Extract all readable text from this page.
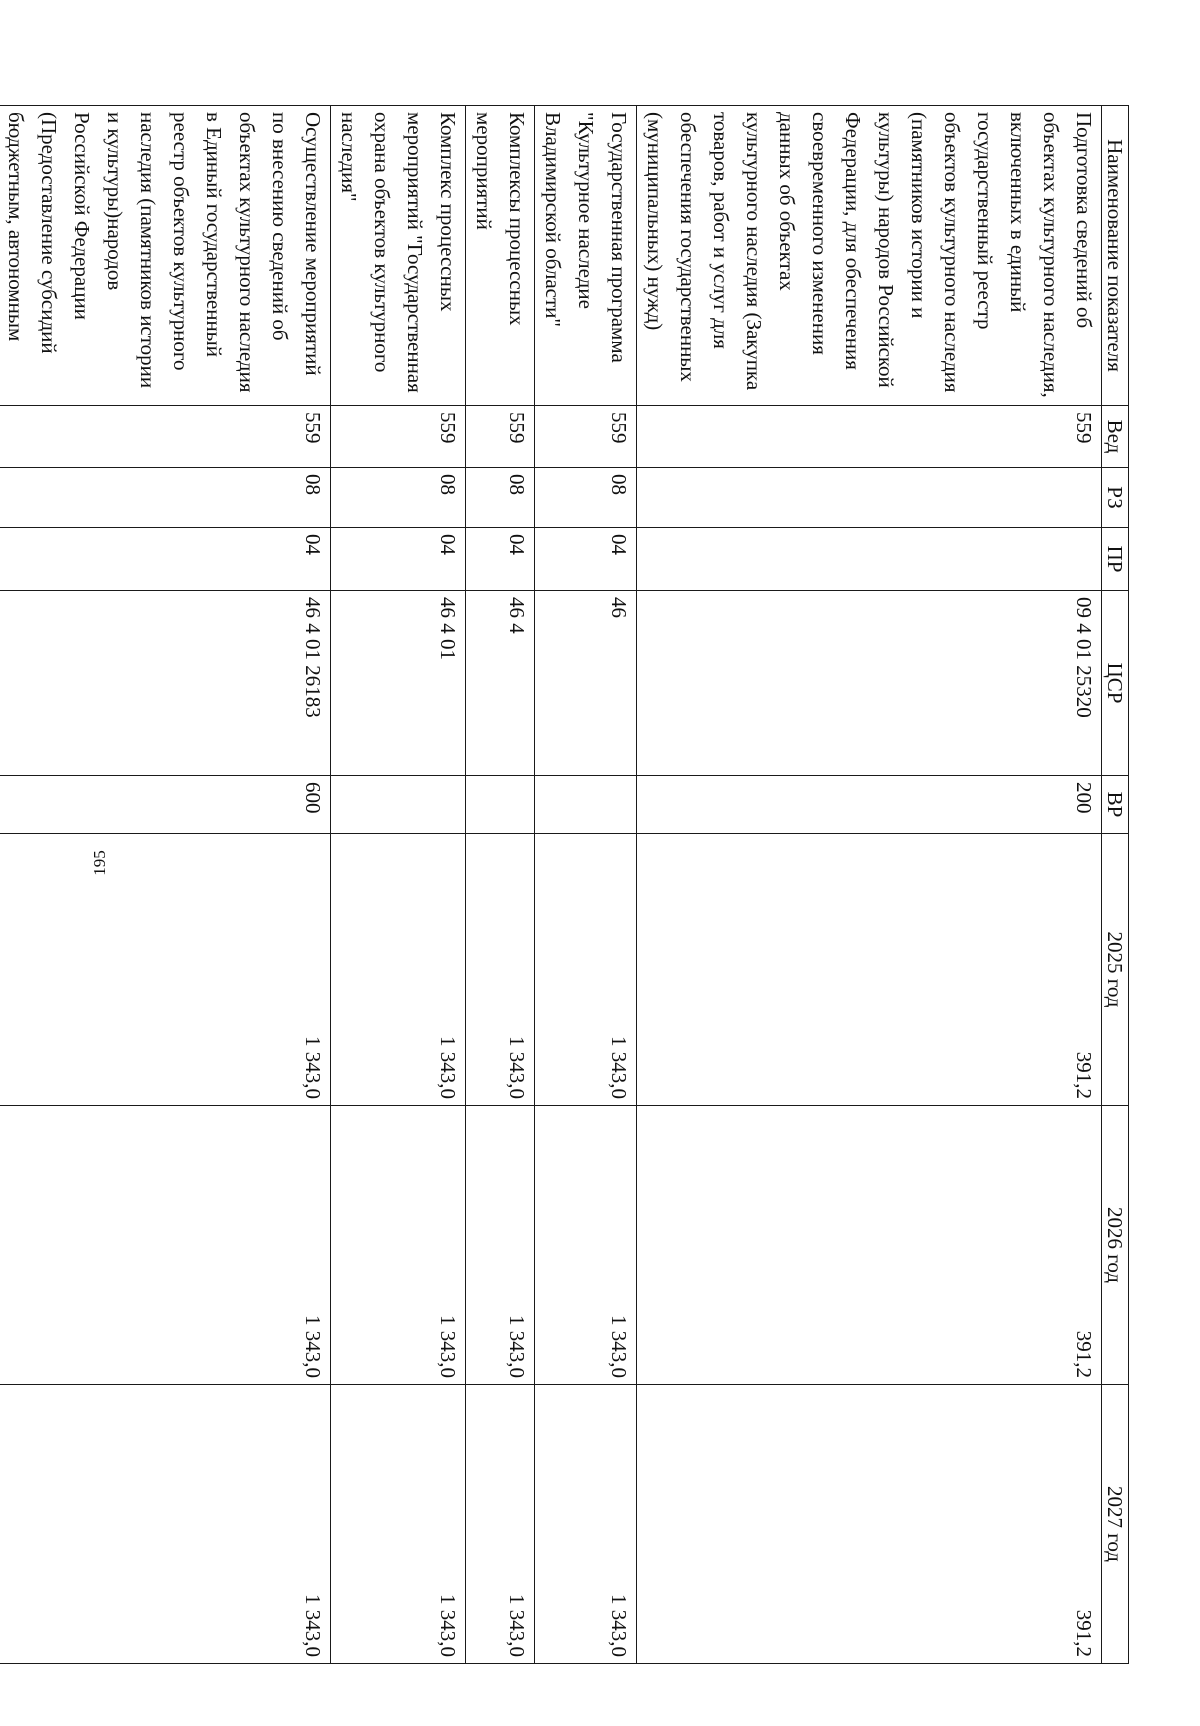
195
Наименование показателя	Вед	РЗ	ПР	ЦСР	ВР	2025 год	2026 год	2027 год
Подготовка сведений об объектах культурного наследия, включенных в единый государственный реестр объектов культурного наследия (памятников истории и культуры) народов Российской Федерации, для обеспечения своевременного изменения данных об объектах культурного наследия (Закупка товаров, работ и услуг для обеспечения государственных (муниципальных) нужд)	559			09 4 01 25320	200	391,2	391,2	391,2
Государственная программа "Культурное наследие Владимирской области"	559	08	04	46		1 343,0	1 343,0	1 343,0
Комплексы процессных мероприятий	559	08	04	46 4		1 343,0	1 343,0	1 343,0
Комплекс процессных мероприятий "Государственная охрана объектов культурного наследия"	559	08	04	46 4 01		1 343,0	1 343,0	1 343,0
Осуществление мероприятий по внесению сведений об объектах культурного наследия в Единый государственный реестр объектов культурного наследия (памятников истории и культуры)народов Российской Федерации (Предоставление субсидий бюджетным, автономным	559	08	04	46 4 01 26183	600	1 343,0	1 343,0	1 343,0
